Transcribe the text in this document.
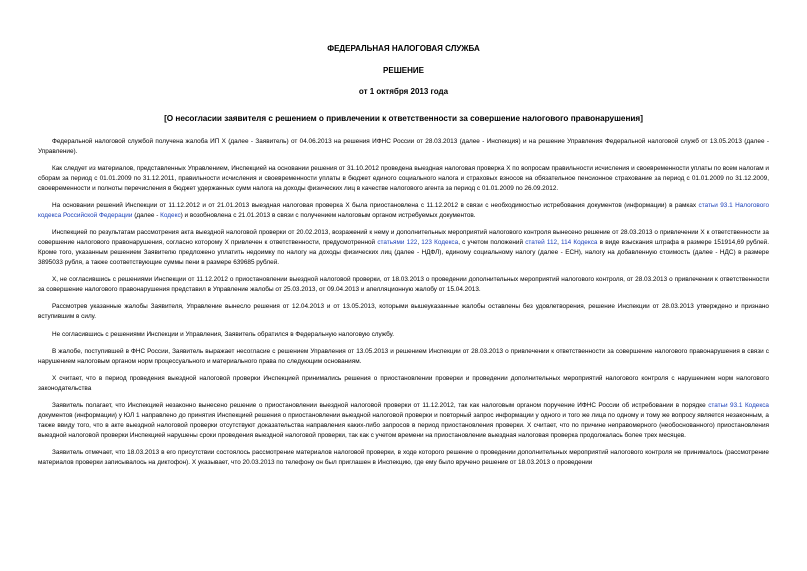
ФЕДЕРАЛЬНАЯ НАЛОГОВАЯ СЛУЖБА
РЕШЕНИЕ
от 1 октября 2013 года
[О несогласии заявителя с решением о привлечении к ответственности за совершение налогового правонарушения]

Федеральной налоговой службой получена жалоба ИП Х (далее - Заявитель) от 04.06.2013 на решения ИФНС России от 28.03.2013 (далее - Инспекция) и на решение Управления Федеральной налоговой служб от 13.05.2013 (далее - Управление).

Как следует из материалов, представленных Управлением, Инспекцией на основании решения от 31.10.2012 проведена выездная налоговая проверка Х по вопросам правильности исчисления и своевременности уплаты по всем налогам и сборам за период с 01.01.2009 по 31.12.2011, правильности исчисления и своевременности уплаты в бюджет единого социального налога и страховых взносов на обязательное пенсионное страхование за период с 01.01.2009 по 31.12.2009, своевременности и полноты перечисления в бюджет удержанных сумм налога на доходы физических лиц в качестве налогового агента за период с 01.01.2009 по 26.09.2012.

На основании решений Инспекции от 11.12.2012 и от 21.01.2013 выездная налоговая проверка Х была приостановлена с 11.12.2012 в связи с необходимостью истребования документов (информации) в рамках статьи 93.1 Налогового кодекса Российской Федерации (далее - Кодекс) и возобновлена с 21.01.2013 в связи с получением налоговым органом истребуемых документов.

Инспекцией по результатам рассмотрения акта выездной налоговой проверки от 20.02.2013, возражений к нему и дополнительных мероприятий налогового контроля вынесено решение от 28.03.2013 о привлечении Х к ответственности за совершение налогового правонарушения, согласно которому Х привлечен к ответственности, предусмотренной статьями 122, 123 Кодекса, с учетом положений статей 112, 114 Кодекса в виде взыскания штрафа в размере 151914,69 рублей. Кроме того, указанным решением Заявителю предложено уплатить недоимку по налогу на доходы физических лиц (далее - НДФЛ), единому социальному налогу (далее - ЕСН), налогу на добавленную стоимость (далее - НДС) в размере 3895033 рубля, а также соответствующие суммы пени в размере 639685 рублей.

Х, не согласившись с решениями Инспекции от 11.12.2012 о приостановлении выездной налоговой проверки, от 18.03.2013 о проведении дополнительных мероприятий налогового контроля, от 28.03.2013 о привлечении к ответственности за совершение налогового правонарушения представил в Управление жалобы от 25.03.2013, от 09.04.2013 и апелляционную жалобу от 15.04.2013.

Рассмотрев указанные жалобы Заявителя, Управление вынесло решения от 12.04.2013 и от 13.05.2013, которыми вышеуказанные жалобы оставлены без удовлетворения, решение Инспекции от 28.03.2013 утверждено и признано вступившим в силу.

Не согласившись с решениями Инспекции и Управления, Заявитель обратился в Федеральную налоговую службу.

В жалобе, поступившей в ФНС России, Заявитель выражает несогласие с решением Управления от 13.05.2013 и решением Инспекции от 28.03.2013 о привлечении к ответственности за совершение налогового правонарушения в связи с нарушением налоговым органом норм процессуального и материального права по следующим основаниям.

Х считает, что в период проведения выездной налоговой проверки Инспекцией принимались решения о приостановлении проверки и проведении дополнительных мероприятий налогового контроля с нарушением норм налогового законодательства

Заявитель полагает, что Инспекцией незаконно вынесено решение о приостановлении выездной налоговой проверки от 11.12.2012, так как налоговым органом поручение ИФНС России об истребовании в порядке статьи 93.1 Кодекса документов (информации) у ЮЛ 1 направлено до принятия Инспекцией решения о приостановлении выездной налоговой проверки и повторный запрос информации у одного и того же лица по одному и тому же вопросу является незаконным, а также ввиду того, что в акте выездной налоговой проверки отсутствуют доказательства направления каких-либо запросов в период приостановления проверки. Х считает, что по причине неправомерного (необоснованного) приостановления выездной налоговой проверки Инспекцией нарушены сроки проведения выездной налоговой проверки, так как с учетом времени на приостановление выездная налоговая проверка продолжалась более трех месяцев.

Заявитель отмечает, что 18.03.2013 в его присутствии состоялось рассмотрение материалов налоговой проверки, в ходе которого решение о проведении дополнительных мероприятий налогового контроля не принималось (рассмотрение материалов проверки записывалось на диктофон). Х указывает, что 20.03.2013 по телефону он был приглашен в Инспекцию, где ему было вручено решение от 18.03.2013 о проведении
